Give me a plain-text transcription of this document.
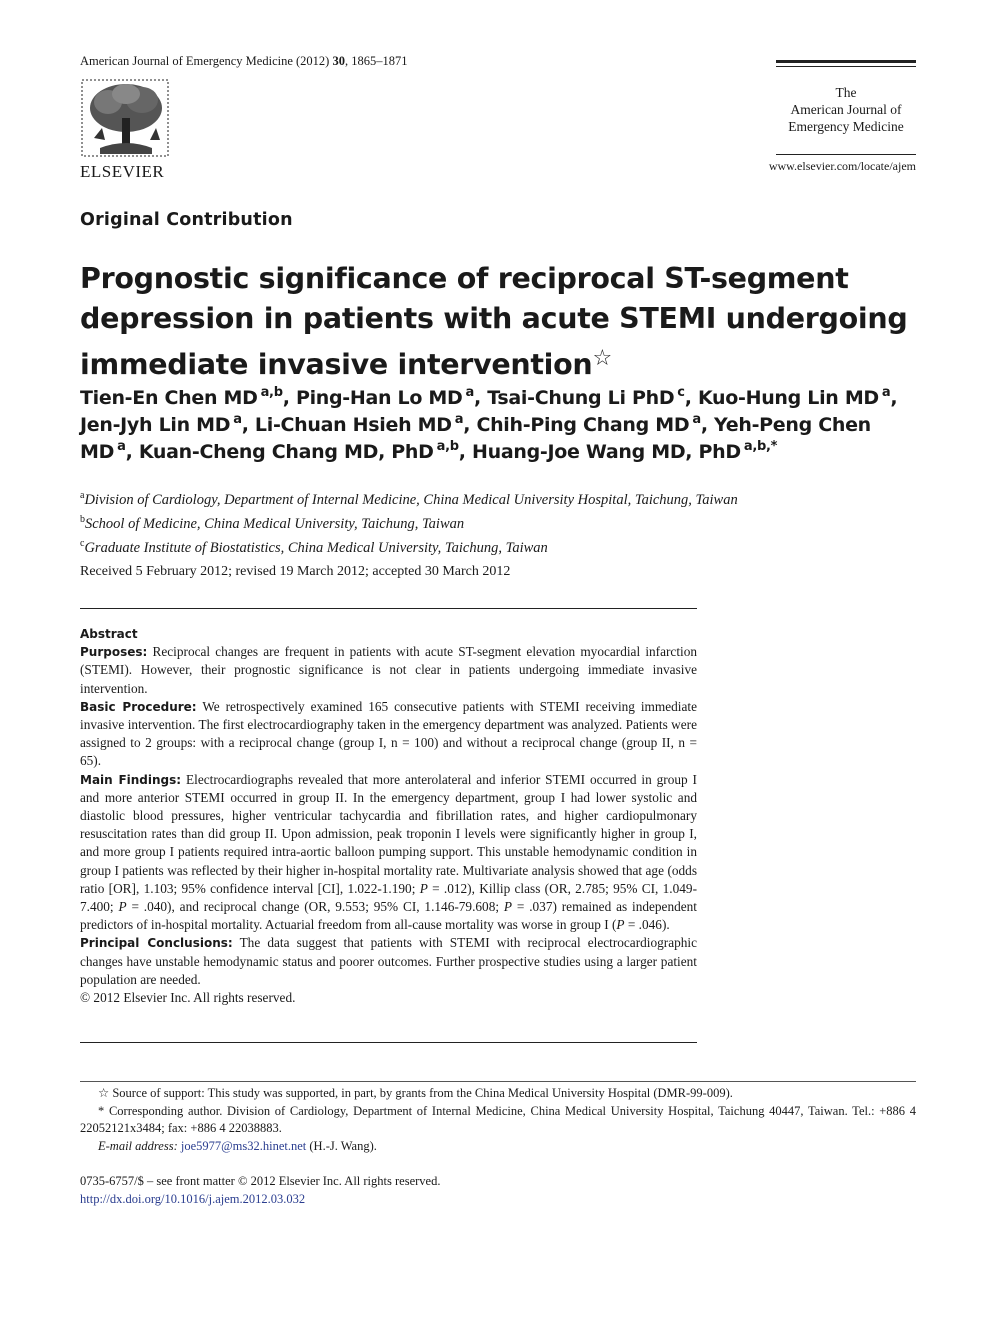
American Journal of Emergency Medicine (2012) 30, 1865–1871
ELSEVIER
The
American Journal of
Emergency Medicine
www.elsevier.com/locate/ajem
Original Contribution
Prognostic significance of reciprocal ST-segment depression in patients with acute STEMI undergoing immediate invasive intervention☆
Tien-En Chen MD $^{a,b}$, Ping-Han Lo MD $^a$, Tsai-Chung Li PhD $^c$, Kuo-Hung Lin MD $^a$, Jen-Jyh Lin MD $^a$, Li-Chuan Hsieh MD $^a$, Chih-Ping Chang MD $^a$, Yeh-Peng Chen MD $^a$, Kuan-Cheng Chang MD, PhD $^{a,b}$, Huang-Joe Wang MD, PhD $^{a,b,*}$
$^a$Division of Cardiology, Department of Internal Medicine, China Medical University Hospital, Taichung, Taiwan
$^b$School of Medicine, China Medical University, Taichung, Taiwan
$^c$Graduate Institute of Biostatistics, China Medical University, Taichung, Taiwan
Received 5 February 2012; revised 19 March 2012; accepted 30 March 2012
Abstract

Purposes: Reciprocal changes are frequent in patients with acute ST-segment elevation myocardial infarction (STEMI). However, their prognostic significance is not clear in patients undergoing immediate invasive intervention.

Basic Procedure: We retrospectively examined 165 consecutive patients with STEMI receiving immediate invasive intervention. The first electrocardiography taken in the emergency department was analyzed. Patients were assigned to 2 groups: with a reciprocal change (group I, n = 100) and without a reciprocal change (group II, n = 65).

Main Findings: Electrocardiographs revealed that more anterolateral and inferior STEMI occurred in group I and more anterior STEMI occurred in group II. In the emergency department, group I had lower systolic and diastolic blood pressures, higher ventricular tachycardia and fibrillation rates, and higher cardiopulmonary resuscitation rates than did group II. Upon admission, peak troponin I levels were significantly higher in group I, and more group I patients required intra-aortic balloon pumping support. This unstable hemodynamic condition in group I patients was reflected by their higher in-hospital mortality rate. Multivariate analysis showed that age (odds ratio [OR], 1.103; 95% confidence interval [CI], 1.022-1.190; P = .012), Killip class (OR, 2.785; 95% CI, 1.049-7.400; P = .040), and reciprocal change (OR, 9.553; 95% CI, 1.146-79.608; P = .037) remained as independent predictors of in-hospital mortality. Actuarial freedom from all-cause mortality was worse in group I (P = .046).

Principal Conclusions: The data suggest that patients with STEMI with reciprocal electrocardiographic changes have unstable hemodynamic status and poorer outcomes. Further prospective studies using a larger patient population are needed.

© 2012 Elsevier Inc. All rights reserved.

☆ Source of support: This study was supported, in part, by grants from the China Medical University Hospital (DMR-99-009).

* Corresponding author. Division of Cardiology, Department of Internal Medicine, China Medical University Hospital, Taichung 40447, Taiwan. Tel.: +886 4 22052121x3484; fax: +886 4 22038883.

E-mail address: joe5977@ms32.hinet.net (H.-J. Wang).

0735-6757/$ – see front matter © 2012 Elsevier Inc. All rights reserved.
http://dx.doi.org/10.1016/j.ajem.2012.03.032
